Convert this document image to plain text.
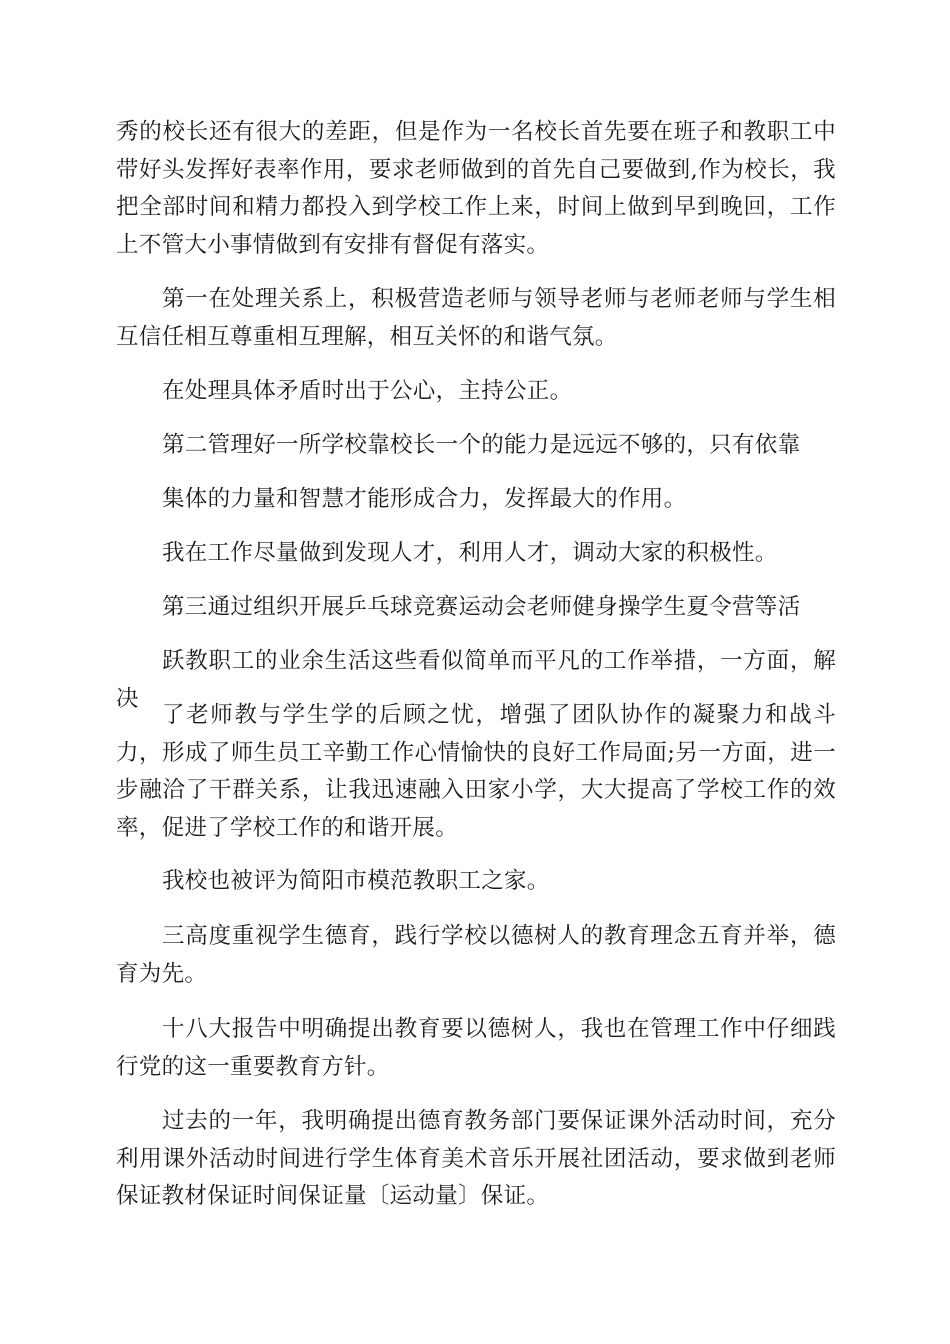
秀的校长还有很大的差距，但是作为一名校长首先要在班子和教职工中带好头发挥好表率作用，要求老师做到的首先自己要做到,作为校长，我把全部时间和精力都投入到学校工作上来，时间上做到早到晚回，工作上不管大小事情做到有安排有督促有落实。

第一在处理关系上，积极营造老师与领导老师与老师老师与学生相互信任相互尊重相互理解，相互关怀的和谐气氛。

在处理具体矛盾时出于公心，主持公正。

第二管理好一所学校靠校长一个的能力是远远不够的，只有依靠

集体的力量和智慧才能形成合力，发挥最大的作用。

我在工作尽量做到发现人才，利用人才，调动大家的积极性。

第三通过组织开展乒乓球竞赛运动会老师健身操学生夏令营等活

跃教职工的业余生活这些看似简单而平凡的工作举措，一方面，解决

了老师教与学生学的后顾之忧，增强了团队协作的凝聚力和战斗力，形成了师生员工辛勤工作心情愉快的良好工作局面;另一方面，进一步融洽了干群关系，让我迅速融入田家小学，大大提高了学校工作的效率，促进了学校工作的和谐开展。

我校也被评为简阳市模范教职工之家。

三高度重视学生德育，践行学校以德树人的教育理念五育并举，德育为先。

十八大报告中明确提出教育要以德树人，我也在管理工作中仔细践行党的这一重要教育方针。

过去的一年，我明确提出德育教务部门要保证课外活动时间，充分利用课外活动时间进行学生体育美术音乐开展社团活动，要求做到老师保证教材保证时间保证量〔运动量〕保证。
